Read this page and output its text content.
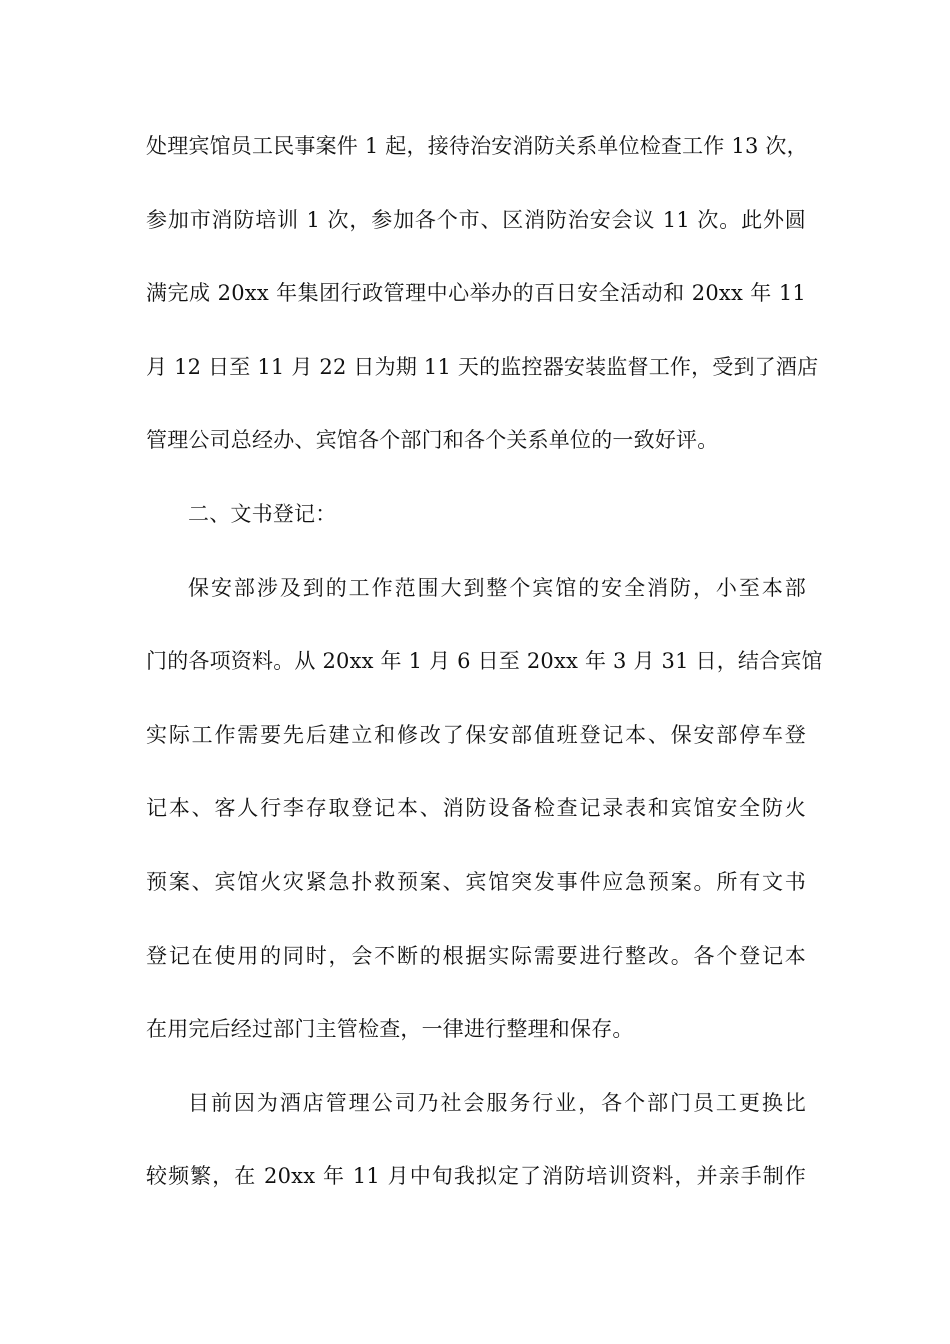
处理宾馆员工民事案件 1 起，接待治安消防关系单位检查工作 13 次，
参加市消防培训 1 次，参加各个市、区消防治安会议 11 次。此外圆
满完成 20xx 年集团行政管理中心举办的百日安全活动和 20xx 年 11
月 12 日至 11 月 22 日为期 11 天的监控器安装监督工作，受到了酒店
管理公司总经办、宾馆各个部门和各个关系单位的一致好评。
二、文书登记：
保安部涉及到的工作范围大到整个宾馆的安全消防，小至本部
门的各项资料。从 20xx 年 1 月 6 日至 20xx 年 3 月 31 日，结合宾馆
实际工作需要先后建立和修改了保安部值班登记本、保安部停车登
记本、客人行李存取登记本、消防设备检查记录表和宾馆安全防火
预案、宾馆火灾紧急扑救预案、宾馆突发事件应急预案。所有文书
登记在使用的同时，会不断的根据实际需要进行整改。各个登记本
在用完后经过部门主管检查，一律进行整理和保存。
目前因为酒店管理公司乃社会服务行业，各个部门员工更换比
较频繁，在 20xx 年 11 月中旬我拟定了消防培训资料，并亲手制作
